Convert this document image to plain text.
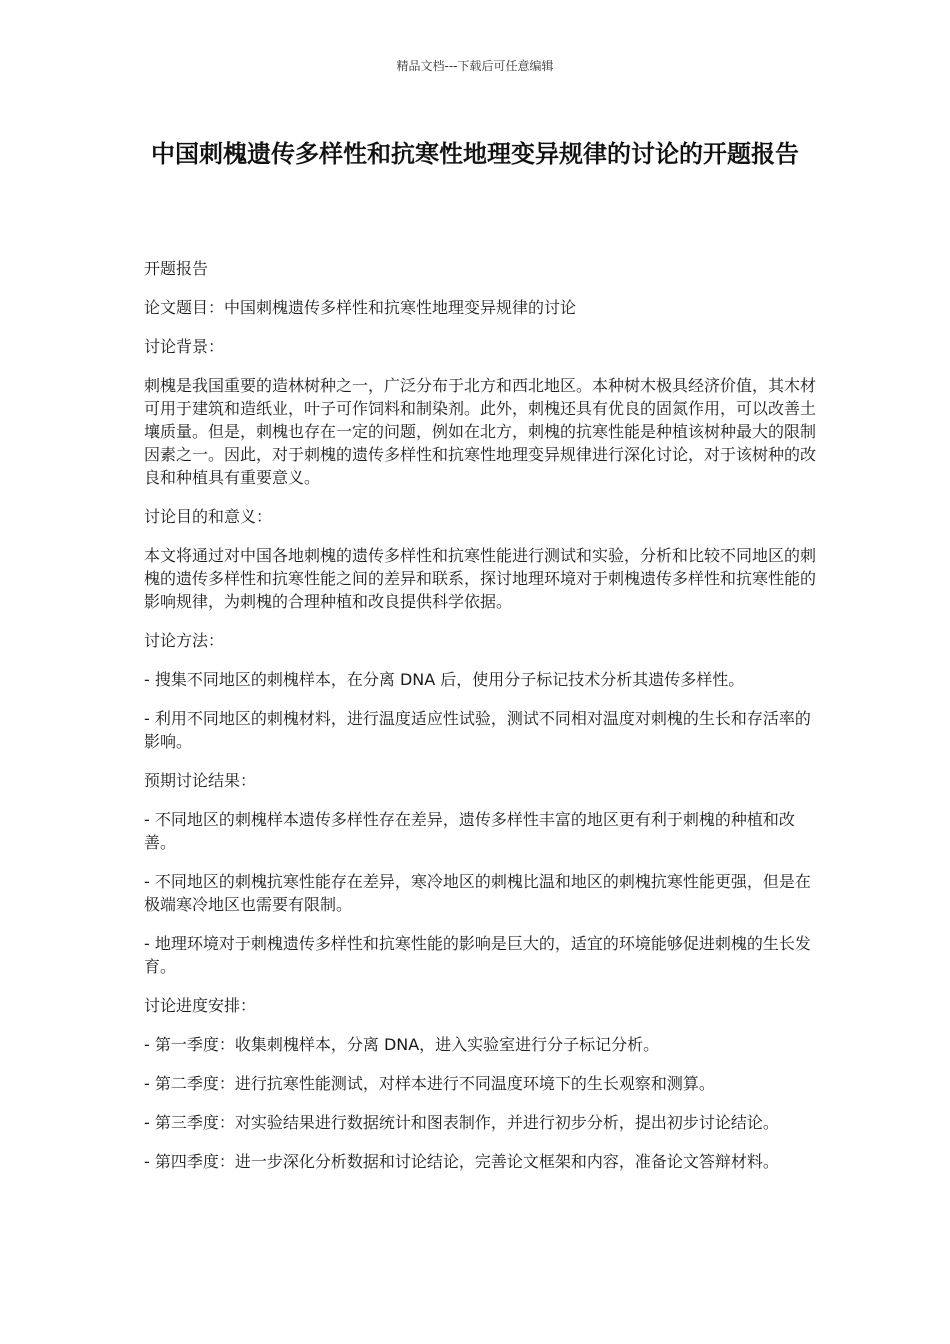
精品文档---下载后可任意编辑
中国刺槐遗传多样性和抗寒性地理变异规律的讨论的开题报告

开题报告

论文题目：中国刺槐遗传多样性和抗寒性地理变异规律的讨论

讨论背景：

刺槐是我国重要的造林树种之一，广泛分布于北方和西北地区。本种树木极具经济价值，其木材可用于建筑和造纸业，叶子可作饲料和制染剂。此外，刺槐还具有优良的固氮作用，可以改善土壤质量。但是，刺槐也存在一定的问题，例如在北方，刺槐的抗寒性能是种植该树种最大的限制因素之一。因此，对于刺槐的遗传多样性和抗寒性地理变异规律进行深化讨论，对于该树种的改良和种植具有重要意义。

讨论目的和意义：

本文将通过对中国各地刺槐的遗传多样性和抗寒性能进行测试和实验，分析和比较不同地区的刺槐的遗传多样性和抗寒性能之间的差异和联系，探讨地理环境对于刺槐遗传多样性和抗寒性能的影响规律，为刺槐的合理种植和改良提供科学依据。

讨论方法：

- 搜集不同地区的刺槐样本，在分离 DNA 后，使用分子标记技术分析其遗传多样性。

- 利用不同地区的刺槐材料，进行温度适应性试验，测试不同相对温度对刺槐的生长和存活率的影响。

预期讨论结果：

- 不同地区的刺槐样本遗传多样性存在差异，遗传多样性丰富的地区更有利于刺槐的种植和改善。

- 不同地区的刺槐抗寒性能存在差异，寒冷地区的刺槐比温和地区的刺槐抗寒性能更强，但是在极端寒冷地区也需要有限制。

- 地理环境对于刺槐遗传多样性和抗寒性能的影响是巨大的，适宜的环境能够促进刺槐的生长发育。

讨论进度安排：

- 第一季度：收集刺槐样本，分离 DNA，进入实验室进行分子标记分析。

- 第二季度：进行抗寒性能测试，对样本进行不同温度环境下的生长观察和测算。

- 第三季度：对实验结果进行数据统计和图表制作，并进行初步分析，提出初步讨论结论。

- 第四季度：进一步深化分析数据和讨论结论，完善论文框架和内容，准备论文答辩材料。
